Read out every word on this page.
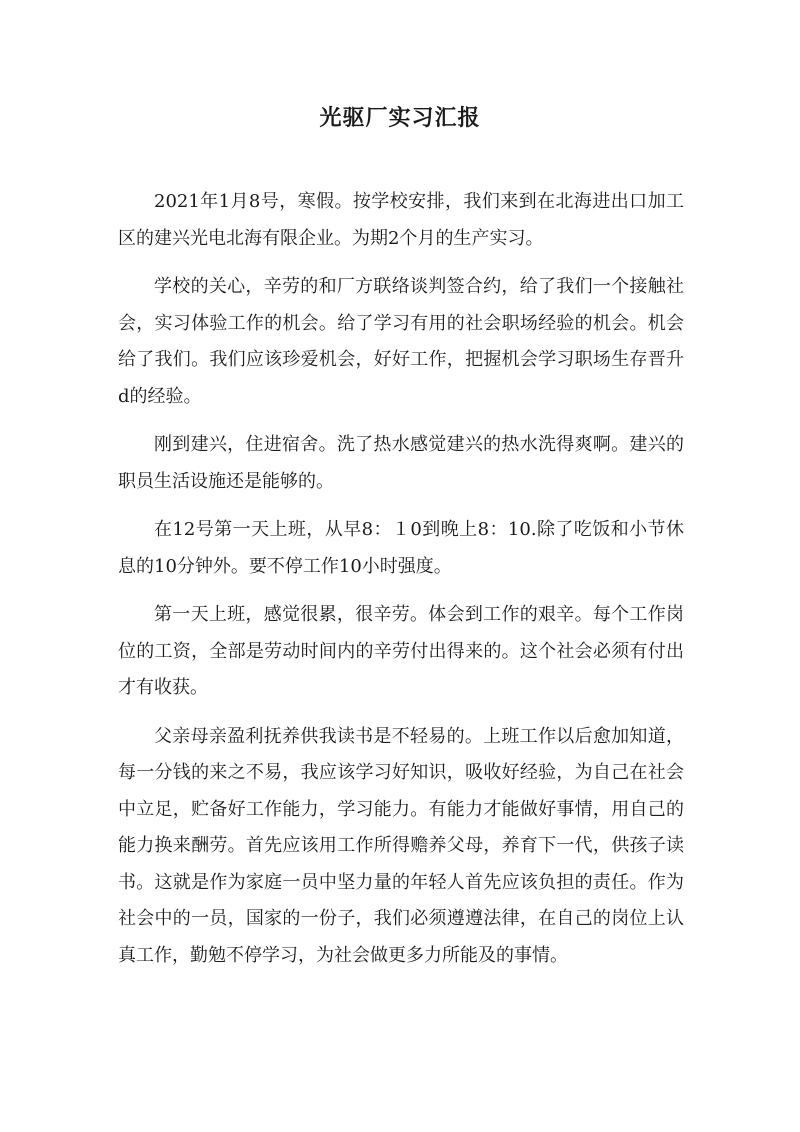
光驱厂实习汇报

2021年1月8号，寒假。按学校安排，我们来到在北海进出口加工区的建兴光电北海有限企业。为期2个月的生产实习。

学校的关心，辛劳的和厂方联络谈判签合约，给了我们一个接触社会，实习体验工作的机会。给了学习有用的社会职场经验的机会。机会给了我们。我们应该珍爱机会，好好工作，把握机会学习职场生存晋升d的经验。

刚到建兴，住进宿舍。洗了热水感觉建兴的热水洗得爽啊。建兴的职员生活设施还是能够的。

在12号第一天上班，从早8：１0到晚上8：10.除了吃饭和小节休息的10分钟外。要不停工作10小时强度。

第一天上班，感觉很累，很辛劳。体会到工作的艰辛。每个工作岗位的工资，全部是劳动时间内的辛劳付出得来的。这个社会必须有付出才有收获。

父亲母亲盈利抚养供我读书是不轻易的。上班工作以后愈加知道，每一分钱的来之不易，我应该学习好知识，吸收好经验，为自己在社会中立足，贮备好工作能力，学习能力。有能力才能做好事情，用自己的能力换来酬劳。首先应该用工作所得赡养父母，养育下一代，供孩子读书。这就是作为家庭一员中坚力量的年轻人首先应该负担的责任。作为社会中的一员，国家的一份子，我们必须遵遵法律，在自己的岗位上认真工作，勤勉不停学习，为社会做更多力所能及的事情。
